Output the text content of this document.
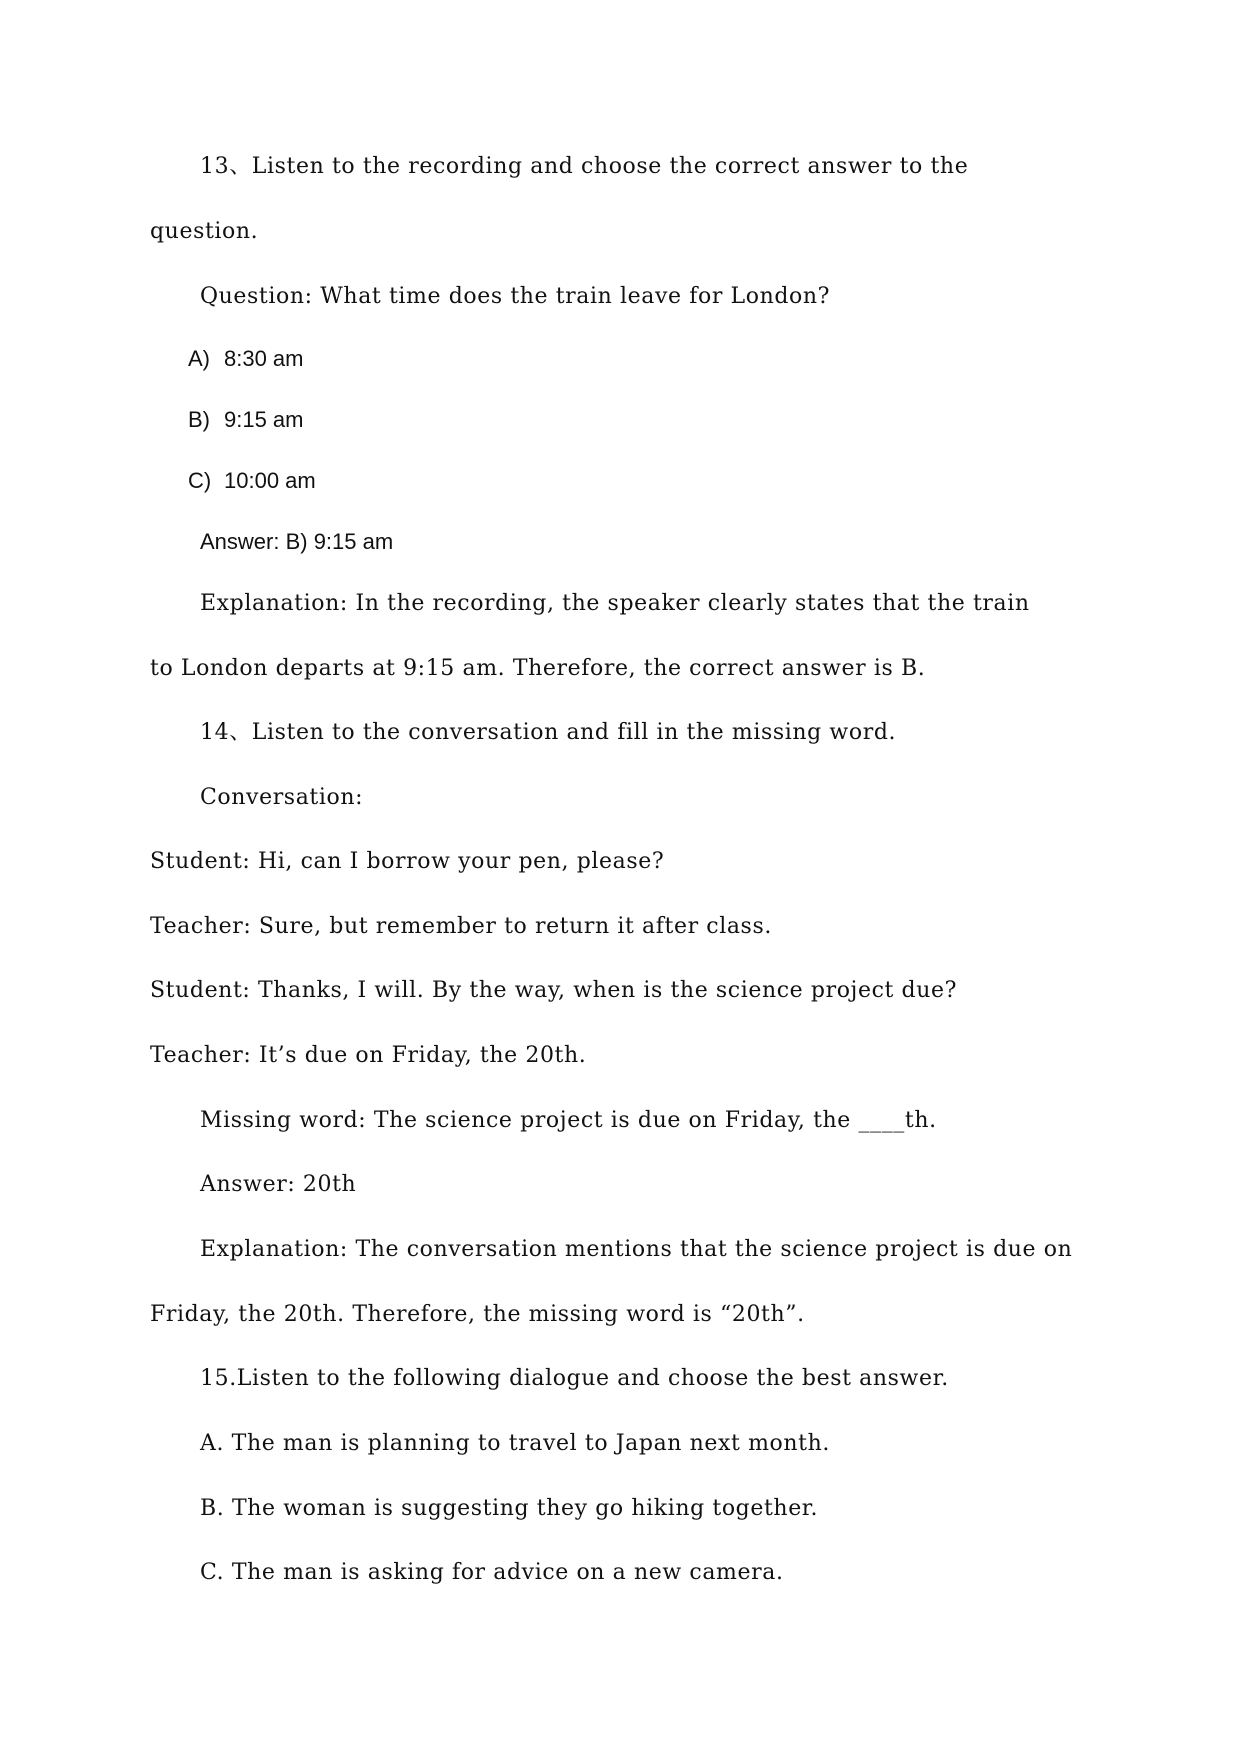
13、Listen to the recording and choose the correct answer to the
question.
Question: What time does the train leave for London?
A) 8:30 am
B) 9:15 am
C) 10:00 am
Answer: B) 9:15 am
Explanation: In the recording, the speaker clearly states that the train
to London departs at 9:15 am. Therefore, the correct answer is B.
14、Listen to the conversation and fill in the missing word.
Conversation:
Student: Hi, can I borrow your pen, please?
Teacher: Sure, but remember to return it after class.
Student: Thanks, I will. By the way, when is the science project due?
Teacher: It’s due on Friday, the 20th.
Missing word: The science project is due on Friday, the ____th.
Answer: 20th
Explanation: The conversation mentions that the science project is due on
Friday, the 20th. Therefore, the missing word is “20th”.
15.Listen to the following dialogue and choose the best answer.
A. The man is planning to travel to Japan next month.
B. The woman is suggesting they go hiking together.
C. The man is asking for advice on a new camera.
